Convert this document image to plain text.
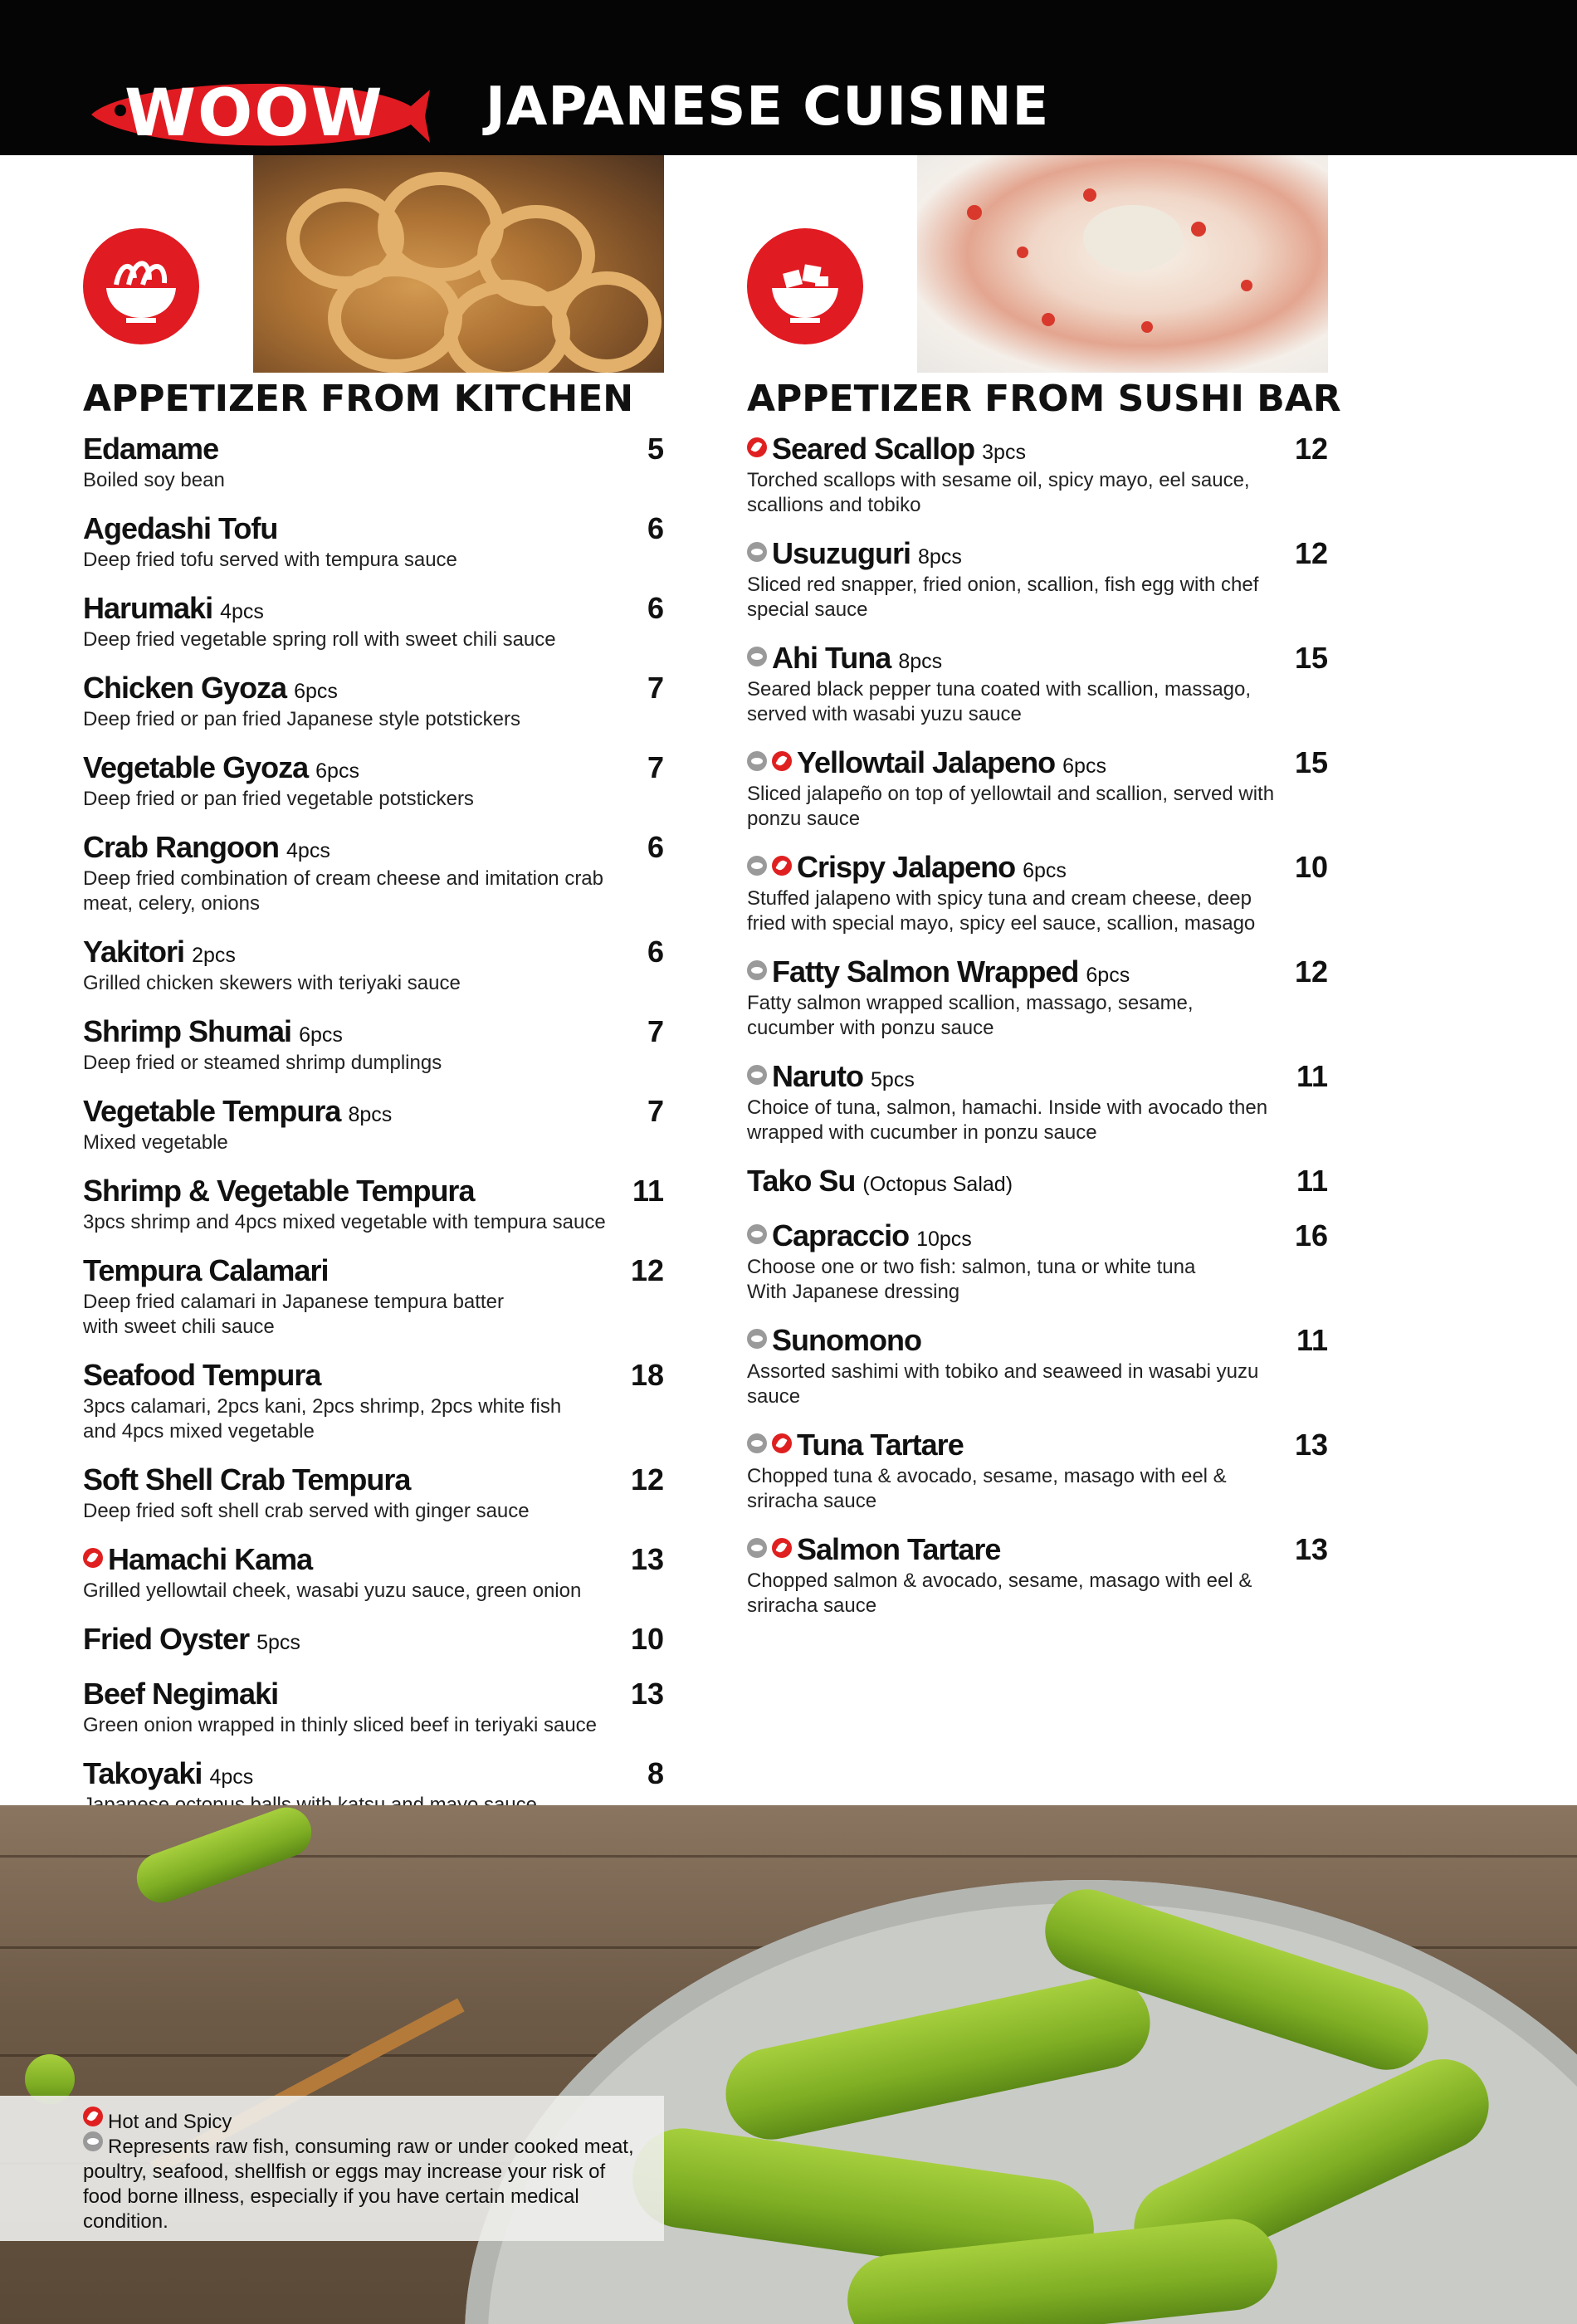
WOOW JAPANESE CUISINE
APPETIZER FROM KITCHEN	APPETIZER FROM SUSHI BAR
Edamame	5
Boiled soy bean
Agedashi Tofu	6
Deep fried tofu served with tempura sauce
Harumaki 4pcs	6
Deep fried vegetable spring roll with sweet chili sauce
Chicken Gyoza 6pcs	7
Deep fried or pan fried Japanese style potstickers
Vegetable Gyoza 6pcs	7
Deep fried or pan fried vegetable potstickers
Crab Rangoon 4pcs	6
Deep fried combination of cream cheese and imitation crab
meat, celery, onions
Yakitori 2pcs	6
Grilled chicken skewers with teriyaki sauce
Shrimp Shumai 6pcs	7
Deep fried or steamed shrimp dumplings
Vegetable Tempura 8pcs	7
Mixed vegetable
Shrimp & Vegetable Tempura	11
3pcs shrimp and 4pcs mixed vegetable with tempura sauce
Tempura Calamari	12
Deep fried calamari in Japanese tempura batter
with sweet chili sauce
Seafood Tempura	18
3pcs calamari, 2pcs kani, 2pcs shrimp, 2pcs white fish
and 4pcs mixed vegetable
Soft Shell Crab Tempura	12
Deep fried soft shell crab served with ginger sauce
Hamachi Kama	13
Grilled yellowtail cheek, wasabi yuzu sauce, green onion
Fried Oyster 5pcs	10
Beef Negimaki	13
Green onion wrapped in thinly sliced beef in teriyaki sauce
Takoyaki 4pcs	8
Seared Scallop 3pcs	12
Torched scallops with sesame oil, spicy mayo, eel sauce,
scallions and tobiko
Usuzuguri 8pcs	12
Sliced red snapper, fried onion, scallion, fish egg with chef
special sauce
Ahi Tuna 8pcs	15
Seared black pepper tuna coated with scallion, massago,
served with wasabi yuzu sauce
Yellowtail Jalapeno 6pcs	15
Sliced jalapeño on top of yellowtail and scallion, served with
ponzu sauce
Crispy Jalapeno 6pcs	10
Stuffed jalapeno with spicy tuna and cream cheese, deep
fried with special mayo, spicy eel sauce, scallion, masago
Fatty Salmon Wrapped 6pcs	12
Fatty salmon wrapped scallion, massago, sesame,
cucumber with ponzu sauce
Naruto 5pcs	11
Choice of tuna, salmon, hamachi. Inside with avocado then
wrapped with cucumber in ponzu sauce
Tako Su (Octopus Salad)	11
Capraccio 10pcs	16
Choose one or two fish: salmon, tuna or white tuna
With Japanese dressing
Sunomono	11
Assorted sashimi with tobiko and seaweed in wasabi yuzu
sauce
Tuna Tartare	13
Chopped tuna & avocado, sesame, masago with eel &
sriracha sauce
Salmon Tartare	13
Chopped salmon & avocado, sesame, masago with eel &
sriracha sauce
Hot and Spicy
Represents raw fish, consuming raw or under cooked meat, poultry, seafood, shellfish or eggs may increase your risk of food borne illness, especially if you have certain medical condition.
